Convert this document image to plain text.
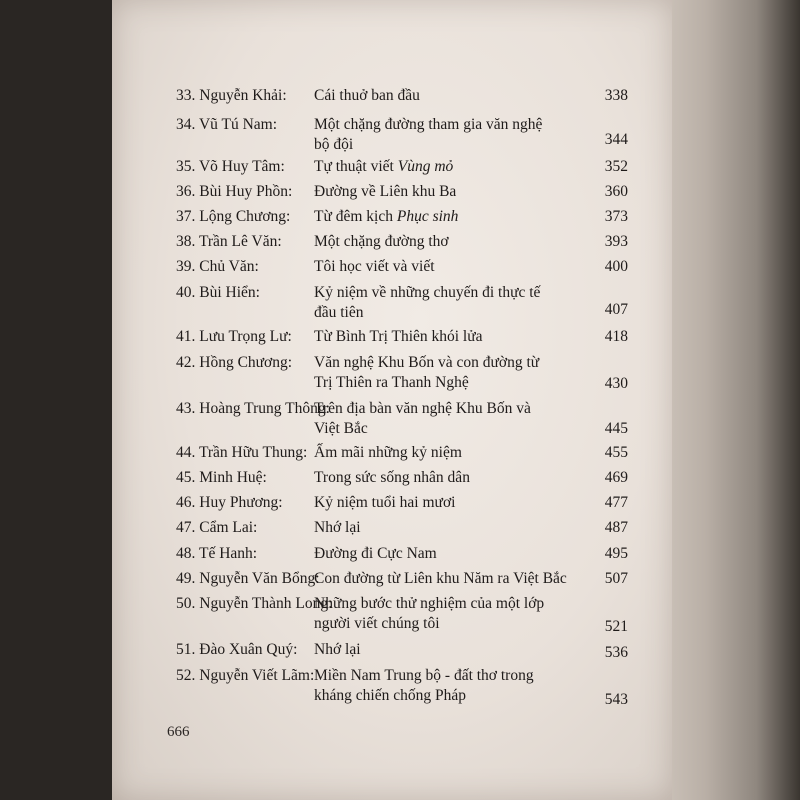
33. Nguyễn Khải: Cái thuở ban đầu	338
34. Vũ Tú Nam: Một chặng đường tham gia văn nghệ
bộ đội	344
35. Võ Huy Tâm: Tự thuật viết Vùng mỏ	352
36. Bùi Huy Phồn: Đường về Liên khu Ba	360
37. Lộng Chương: Từ đêm kịch Phục sinh	373
38. Trần Lê Văn: Một chặng đường thơ	393
39. Chủ Văn:	Tôi học viết và viết	400
40. Bùi Hiển:	Kỷ niệm về những chuyến đi thực tế
đầu tiên	407
41. Lưu Trọng Lư: Từ Bình Trị Thiên khói lửa	418
42. Hồng Chương: Văn nghệ Khu Bốn và con đường từ
Trị Thiên ra Thanh Nghệ	430
43. Hoàng Trung Thông:
Trên địa bàn văn nghệ Khu Bốn và
Việt Bắc	445
44. Trần Hữu Thung: Ấm mãi những kỷ niệm	455
45. Minh Huệ:	Trong sức sống nhân dân	469
46. Huy Phương: Kỷ niệm tuổi hai mươi	477
47. Cẩm Lai:	Nhớ lại	487
48. Tế Hanh:	Đường đi Cực Nam	495
49. Nguyễn Văn Bổng:
Con đường từ Liên khu Năm ra Việt Bắc	507
50. Nguyễn Thành Long:
Những bước thử nghiệm của một lớp
người viết chúng tôi	521
51. Đào Xuân Quý: Nhớ lại	536
52. Nguyễn Viết Lãm: Miền Nam Trung bộ - đất thơ trong
kháng chiến chống Pháp	543
666
